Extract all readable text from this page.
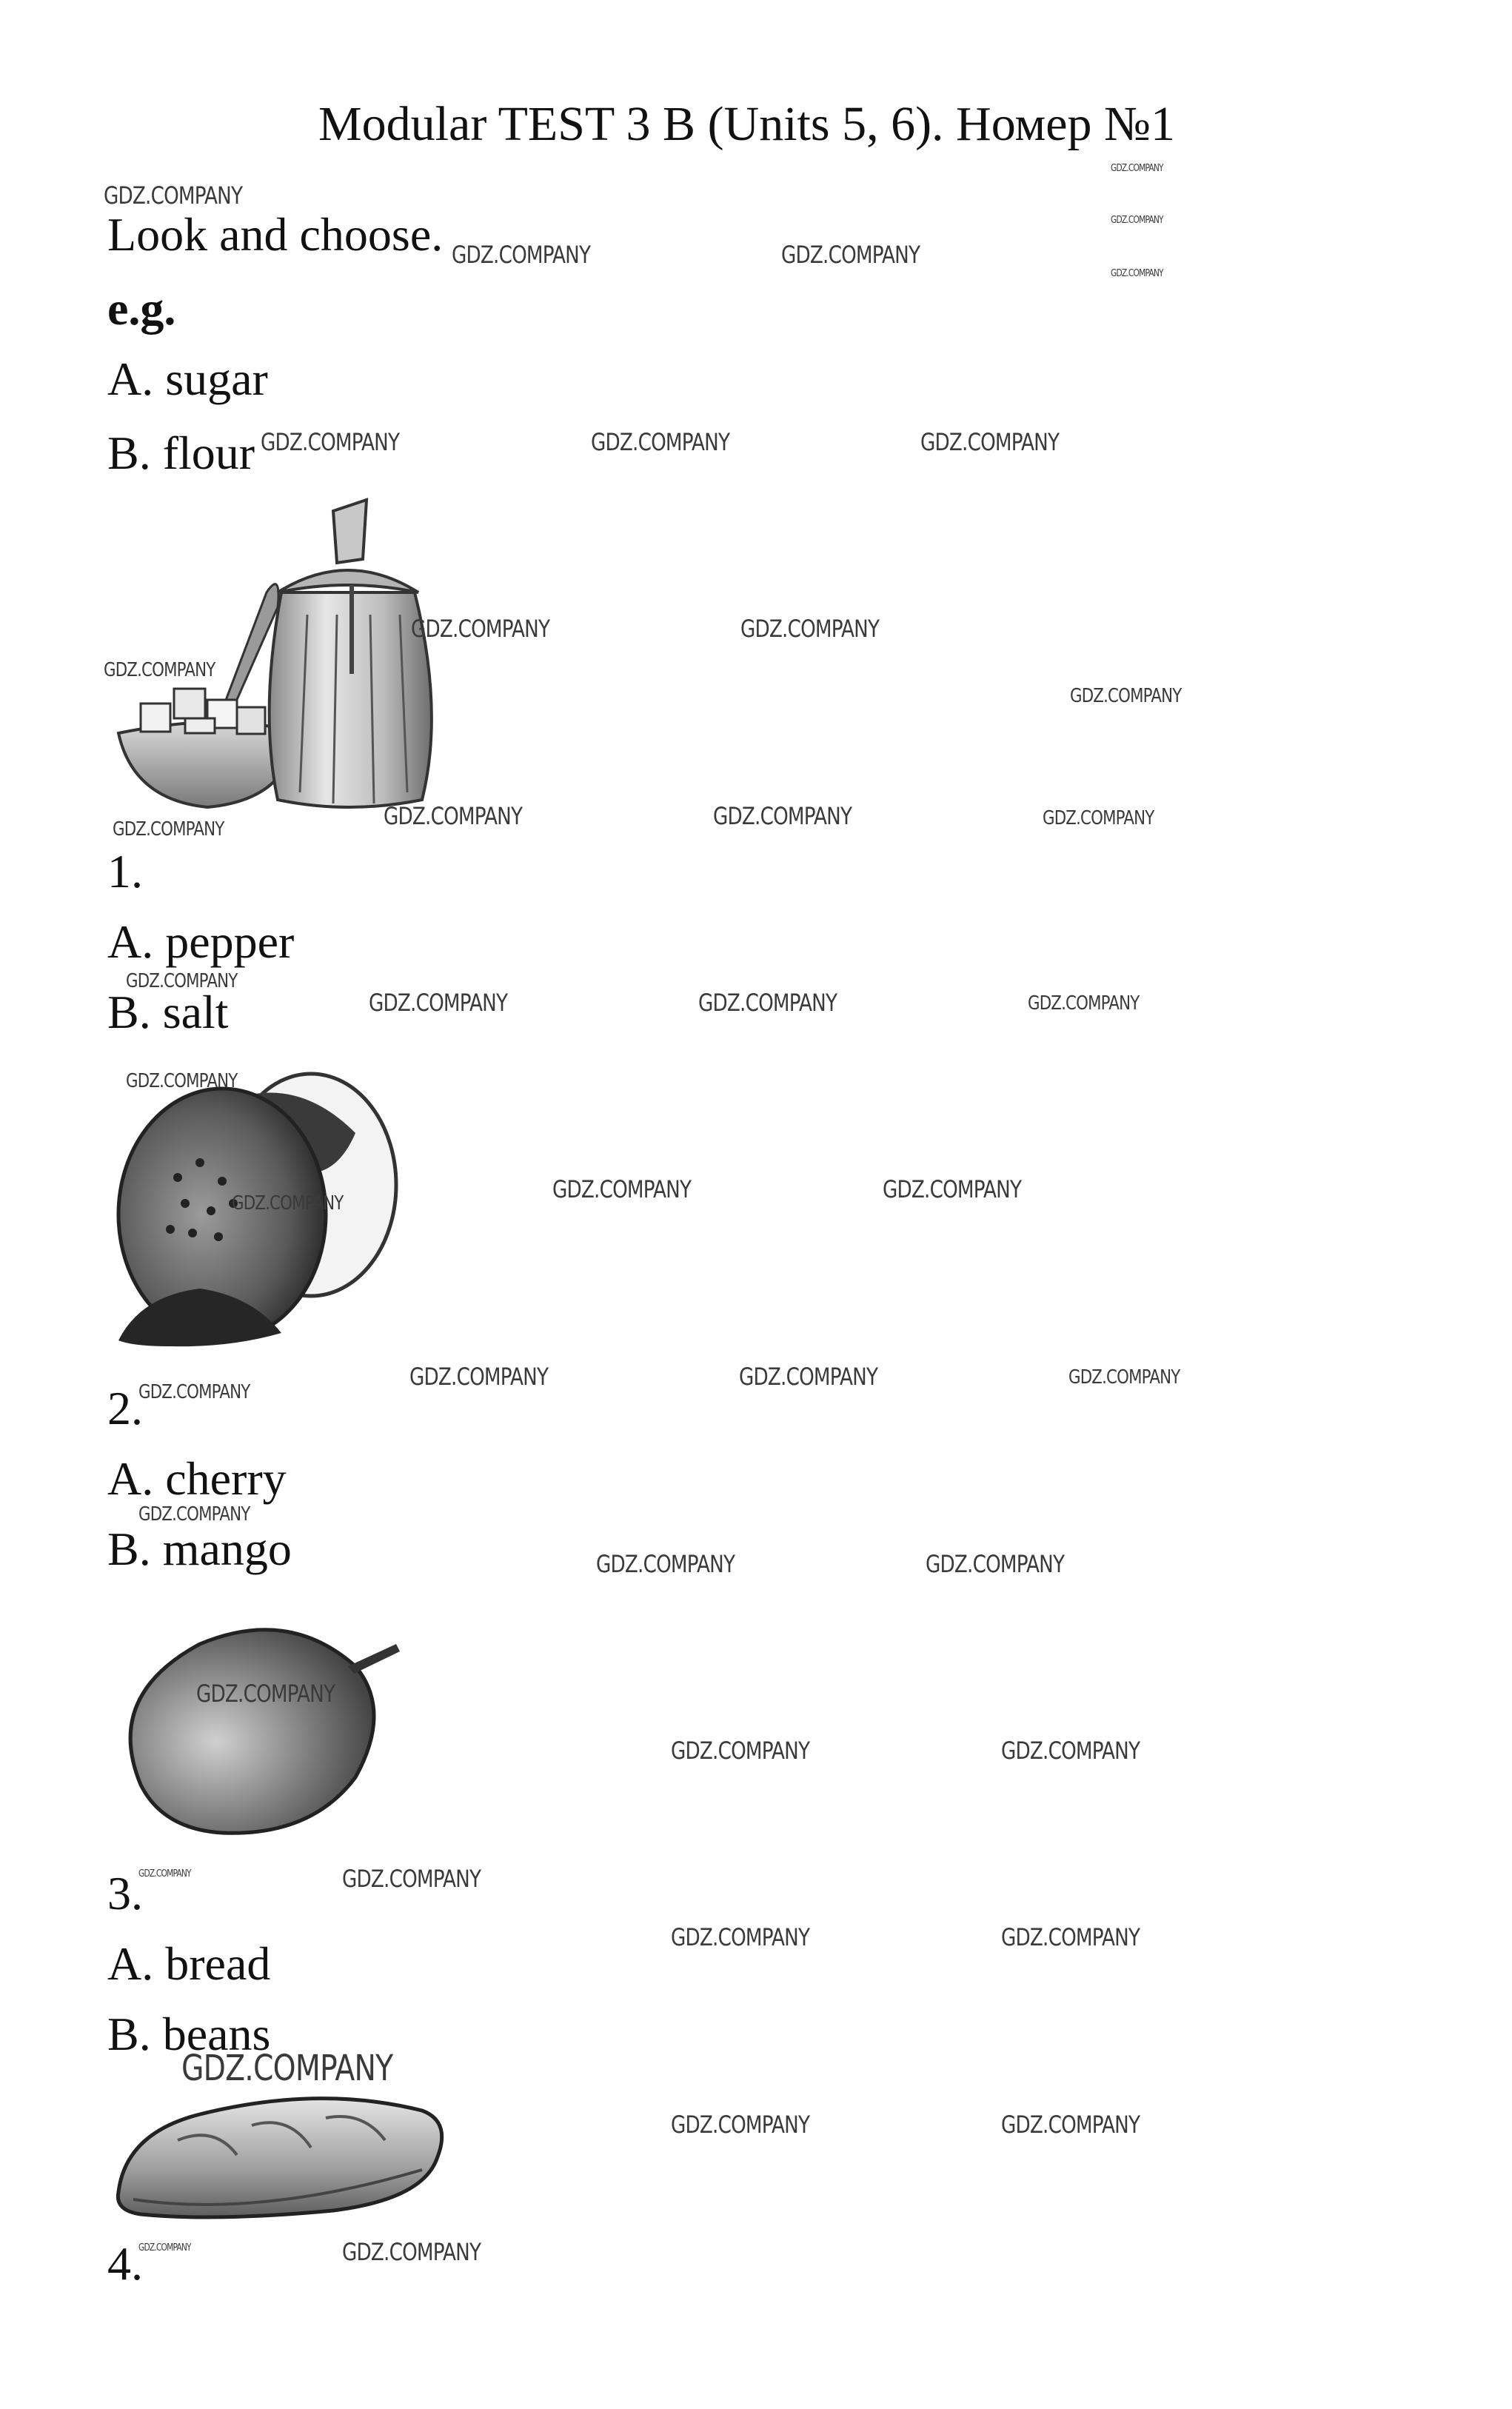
Modular TEST 3 B (Units 5, 6). Номер №1
Look and choose.
e.g.
A. sugar
B. flour
1.
A. pepper
B. salt
2.
A. cherry
B. mango
3.
A. bread
B. beans
4.
GDZ.COMPANY
GDZ.COMPANY	GDZ.COMPANY
GDZ.COMPANY
GDZ.COMPANY
GDZ.COMPANY
GDZ.COMPANY	GDZ.COMPANY	GDZ.COMPANY
GDZ.COMPANY	GDZ.COMPANY
GDZ.COMPANY
GDZ.COMPANY
GDZ.COMPANY	GDZ.COMPANY	GDZ.COMPANY	GDZ.COMPANY
GDZ.COMPANY
GDZ.COMPANY	GDZ.COMPANY	GDZ.COMPANY
GDZ.COMPANY
GDZ.COMPANY	GDZ.COMPANY	GDZ.COMPANY
GDZ.COMPANY
GDZ.COMPANY	GDZ.COMPANY	GDZ.COMPANY
GDZ.COMPANY
GDZ.COMPANY	GDZ.COMPANY
GDZ.COMPANY
GDZ.COMPANY	GDZ.COMPANY
GDZ.COMPANY	GDZ.COMPANY
GDZ.COMPANY	GDZ.COMPANY
GDZ.COMPANY
GDZ.COMPANY	GDZ.COMPANY
GDZ.COMPANY	GDZ.COMPANY
